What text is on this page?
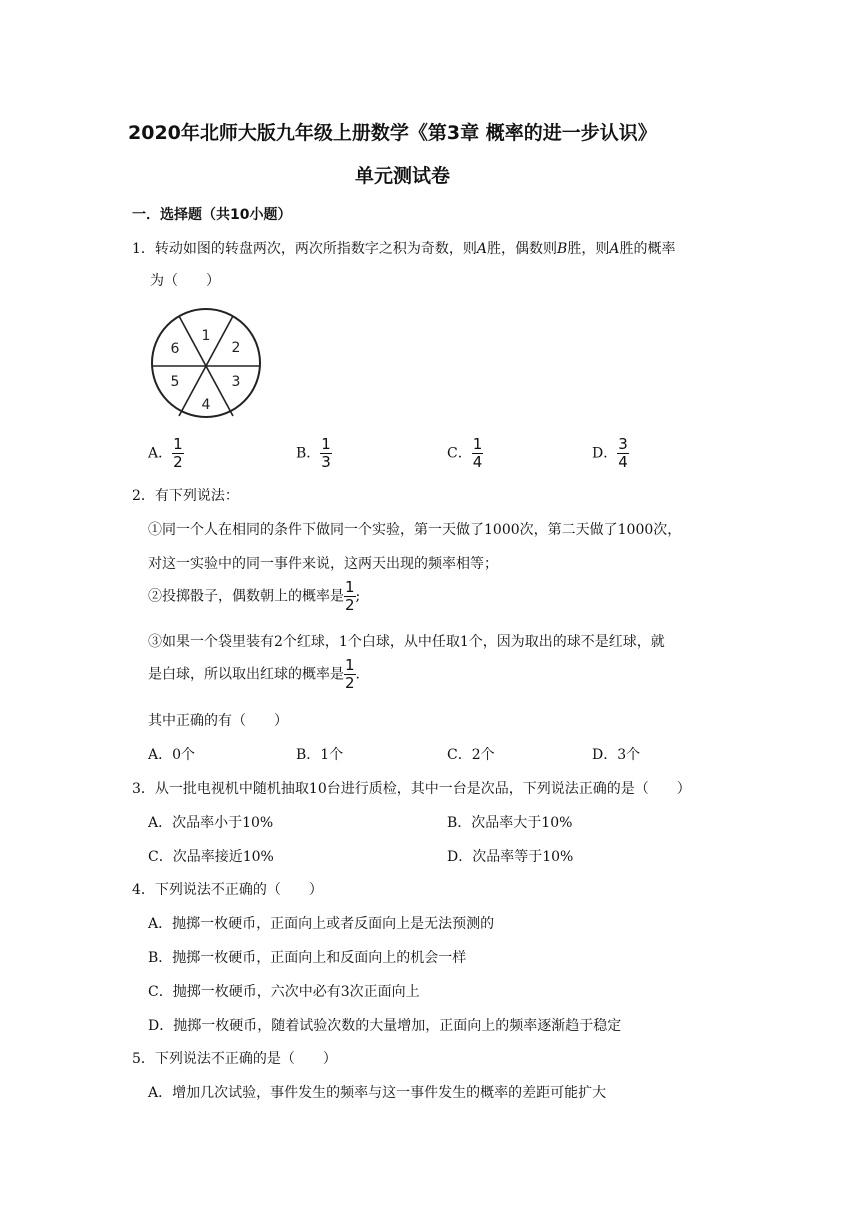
2020年北师大版九年级上册数学《第3章 概率的进一步认识》
单元测试卷
一．选择题（共10小题）
1．转动如图的转盘两次，两次所指数字之积为奇数，则A胜，偶数则B胜，则A胜的概率
为（　　）
1
2
3
4
5
6
A． $\frac{1}{2}$	B． $\frac{1}{3}$	C． $\frac{1}{4}$	D． $\frac{3}{4}$
2．有下列说法：
①同一个人在相同的条件下做同一个实验，第一天做了1000次，第二天做了1000次，
对这一实验中的同一事件来说，这两天出现的频率相等；
②投掷骰子，偶数朝上的概率是 $\frac{1}{2}$ ;
③如果一个袋里装有2个红球，1个白球，从中任取1个，因为取出的球不是红球，就
是白球，所以取出红球的概率是 $\frac{1}{2}$ .
其中正确的有（　　）
A．0个	B．1个	C．2个	D．3个
3．从一批电视机中随机抽取10台进行质检，其中一台是次品，下列说法正确的是（　　）
A．次品率小于10%	B．次品率大于10%
C．次品率接近10%	D．次品率等于10%
4．下列说法不正确的（　　）
A．抛掷一枚硬币，正面向上或者反面向上是无法预测的
B．抛掷一枚硬币，正面向上和反面向上的机会一样
C．抛掷一枚硬币，六次中必有3次正面向上
D．抛掷一枚硬币，随着试验次数的大量增加，正面向上的频率逐渐趋于稳定
5．下列说法不正确的是（　　）
A．增加几次试验，事件发生的频率与这一事件发生的概率的差距可能扩大
